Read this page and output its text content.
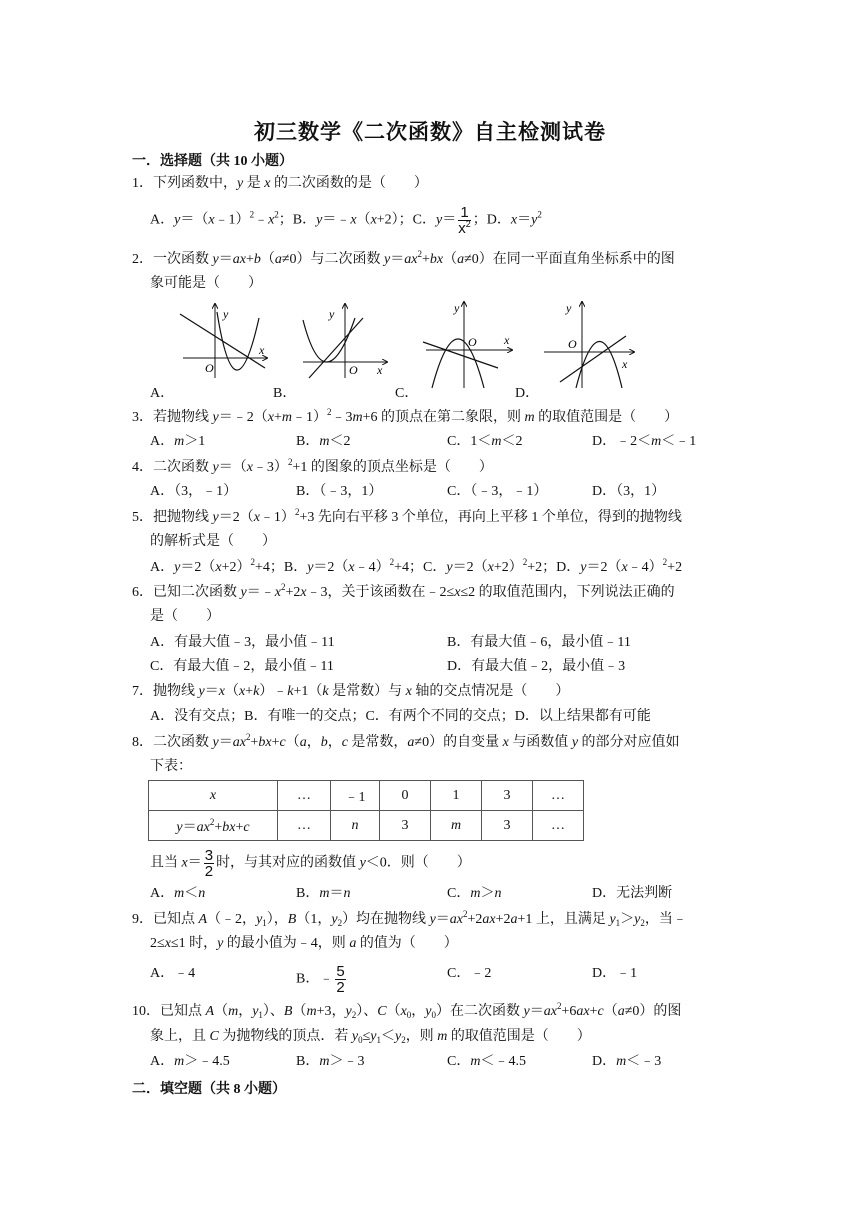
初三数学《二次函数》自主检测试卷
一．选择题（共 10 小题）
1．下列函数中，y 是 x 的二次函数的是（　　）
A．$y=(x﹣1)^2﹣x^2$；B．y＝﹣x（x+2）；C．$y= \frac{1}{x^2}$ ；D．$x=y^2$
2．一次函数 y＝ax+b（a≠0）与二次函数 $y=ax^2+bx(a\ne 0)$在同一平面直角坐标系中的图
象可能是（　　）
y
x
O
A．
y
x
O
B．
y
x
O
C．
y
x
O
D．
3．若抛物线 y＝﹣2（x+m﹣1）$^2$﹣3m+6 的顶点在第二象限，则 m 的取值范围是（　　）
A．m＞1	B．m＜2	C．1＜m＜2	D．﹣2＜m＜﹣1
4．二次函数 y＝（x﹣3）$^2$+1 的图象的顶点坐标是（　　）
A．（3，﹣1）	B．（﹣3，1）	C．（﹣3，﹣1）	D．（3，1）
5．把抛物线 y＝2（x﹣1）$^2$+3 先向右平移 3 个单位，再向上平移 1 个单位，得到的抛物线
的解析式是（　　）
A．$y=2(x+2)^2+4$；B．y＝2（x﹣4）$^2$+4；C．$y=2(x+2)^2+2$；D．y＝2（x﹣4）$^2$+2
6．已知二次函数 $y=﹣x^2+2x﹣3$，关于该函数在﹣2≤x≤2 的取值范围内，下列说法正确的
是（　　）
A．有最大值﹣3，最小值﹣11	B．有最大值﹣6，最小值﹣11
C．有最大值﹣2，最小值﹣11	D．有最大值﹣2，最小值﹣3
7．抛物线 y＝x（x+k）﹣k+1（k 是常数）与 x 轴的交点情况是（　　）
A．没有交点；B．有唯一的交点；C．有两个不同的交点；D．以上结果都有可能
8．二次函数 $y=ax^2+bx+c(a$，b，c 是常数，a≠0）的自变量 x 与函数值 y 的部分对应值如
下表：
x	…	﹣1	0	1	3	…
$y=ax^2+bx+c$	…	n	3	m	3	…
且当 $x= \frac{3}{2}$ 时，与其对应的函数值 y＜0．则（　　）
A．m＜n	B．m＝n	C．m＞n	D．无法判断
9．已知点 A（﹣2，$y_1$），B（1，$y_2$）均在抛物线 $y=ax^2+2ax+2a+1$ 上，且满足 $y_1>y_2$，当﹣
2≤x≤1 时，y 的最小值为﹣4，则 a 的值为（　　）
A．﹣4	B．﹣ $\frac{5}{2}$	C．﹣2	D．﹣1
10．已知点 A（m，$y_1$）、B（m+3，$y_2$）、$C(x_0$，$y_0$）在二次函数 $y=ax^2+6ax+c(a\ne 0)$的图
象上，且 C 为抛物线的顶点．若 $y_0\le y_1<y_2$，则 m 的取值范围是（　　）
A．m＞﹣4.5	B．m＞﹣3	C．m＜﹣4.5	D．m＜﹣3
二．填空题（共 8 小题）
